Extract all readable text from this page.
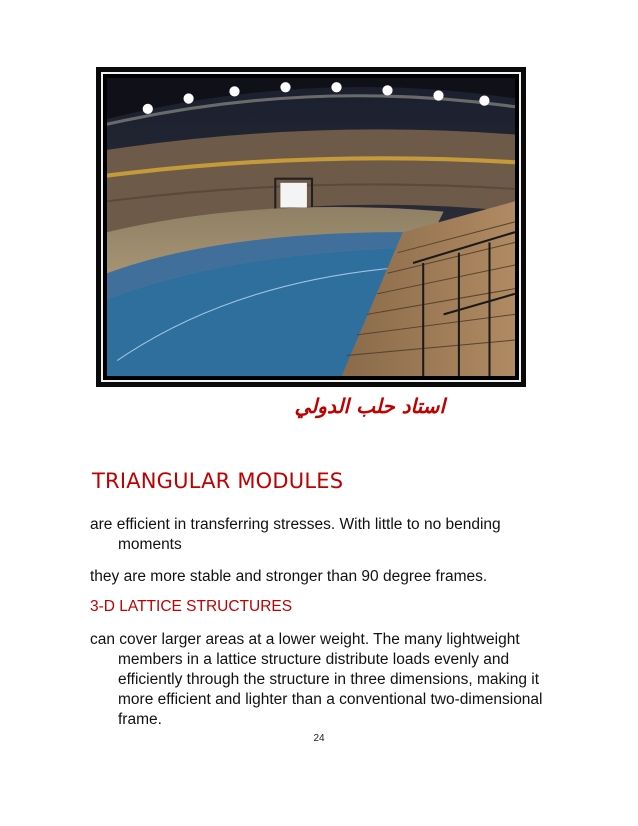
استاد حلب الدولي
TRIANGULAR MODULES
are efficient in transferring stresses. With little to no bending moments
they are more stable and stronger than 90 degree frames.
3-D LATTICE STRUCTURES
can cover larger areas at a lower weight. The many lightweight members in a lattice structure distribute loads evenly and efficiently through the structure in three dimensions, making it more efficient and lighter than a conventional two-dimensional frame.
24
